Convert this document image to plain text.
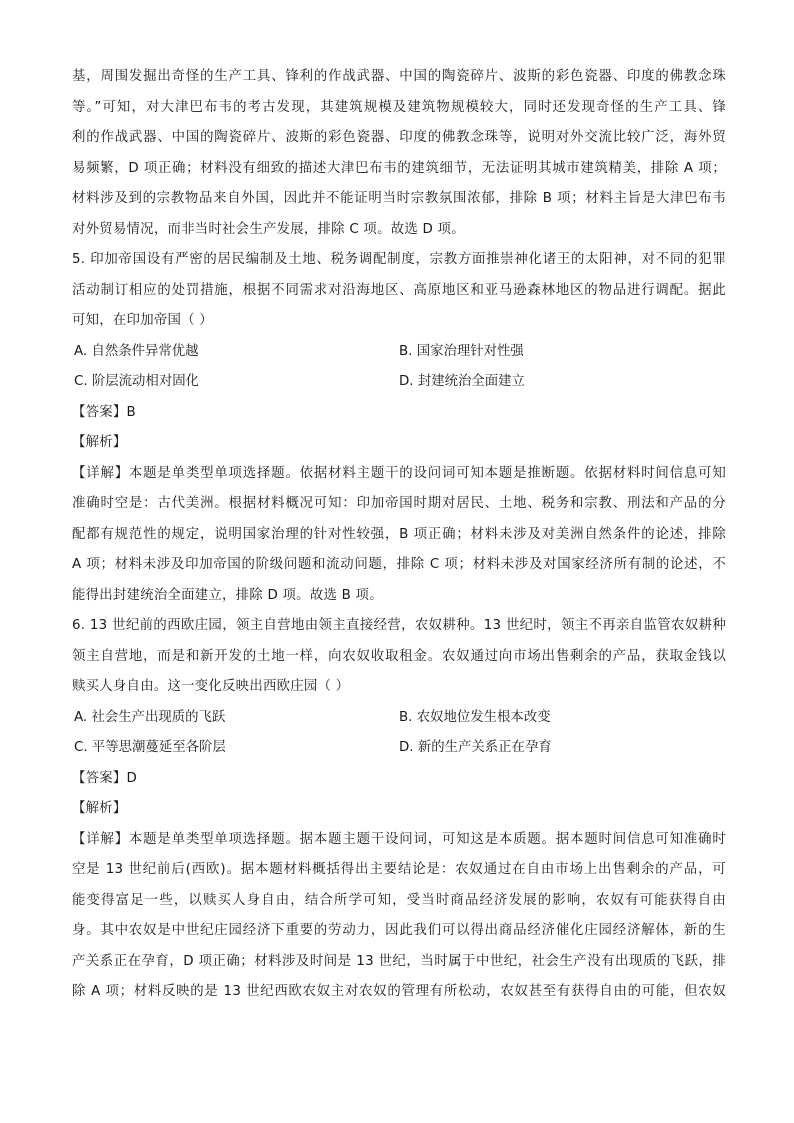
基，周围发掘出奇怪的生产工具、锋利的作战武器、中国的陶瓷碎片、波斯的彩色瓷器、印度的佛教念珠
等。”可知，对大津巴布韦的考古发现，其建筑规模及建筑物规模较大，同时还发现奇怪的生产工具、锋
利的作战武器、中国的陶瓷碎片、波斯的彩色瓷器、印度的佛教念珠等，说明对外交流比较广泛，海外贸
易频繁，D 项正确；材料没有细致的描述大津巴布韦的建筑细节，无法证明其城市建筑精美，排除 A 项；
材料涉及到的宗教物品来自外国，因此并不能证明当时宗教氛围浓郁，排除 B 项；材料主旨是大津巴布韦
对外贸易情况，而非当时社会生产发展，排除 C 项。故选 D 项。
5. 印加帝国设有严密的居民编制及土地、税务调配制度，宗教方面推崇神化诸王的太阳神，对不同的犯罪
活动制订相应的处罚措施，根据不同需求对沿海地区、高原地区和亚马逊森林地区的物品进行调配。据此
可知，在印加帝国（ ）
A. 自然条件异常优越	B. 国家治理针对性强
C. 阶层流动相对固化	D. 封建统治全面建立
【答案】B
【解析】
【详解】本题是单类型单项选择题。依据材料主题干的设问词可知本题是推断题。依据材料时间信息可知
准确时空是：古代美洲。根据材料概况可知：印加帝国时期对居民、土地、税务和宗教、刑法和产品的分
配都有规范性的规定，说明国家治理的针对性较强，B 项正确；材料未涉及对美洲自然条件的论述，排除
A 项；材料未涉及印加帝国的阶级问题和流动问题，排除 C 项；材料未涉及对国家经济所有制的论述，不
能得出封建统治全面建立，排除 D 项。故选 B 项。
6. 13 世纪前的西欧庄园，领主自营地由领主直接经营，农奴耕种。13 世纪时，领主不再亲自监管农奴耕种
领主自营地，而是和新开发的土地一样，向农奴收取租金。农奴通过向市场出售剩余的产品，获取金钱以
赎买人身自由。这一变化反映出西欧庄园（ ）
A. 社会生产出现质的飞跃	B. 农奴地位发生根本改变
C. 平等思潮蔓延至各阶层	D. 新的生产关系正在孕育
【答案】D
【解析】
【详解】本题是单类型单项选择题。据本题主题干设问词，可知这是本质题。据本题时间信息可知准确时
空是 13 世纪前后(西欧)。据本题材料概括得出主要结论是：农奴通过在自由市场上出售剩余的产品，可
能变得富足一些，以赎买人身自由，结合所学可知，受当时商品经济发展的影响，农奴有可能获得自由
身。其中农奴是中世纪庄园经济下重要的劳动力，因此我们可以得出商品经济催化庄园经济解体，新的生
产关系正在孕育，D 项正确；材料涉及时间是 13 世纪，当时属于中世纪，社会生产没有出现质的飞跃，排
除 A 项；材料反映的是 13 世纪西欧农奴主对农奴的管理有所松动，农奴甚至有获得自由的可能，但农奴
